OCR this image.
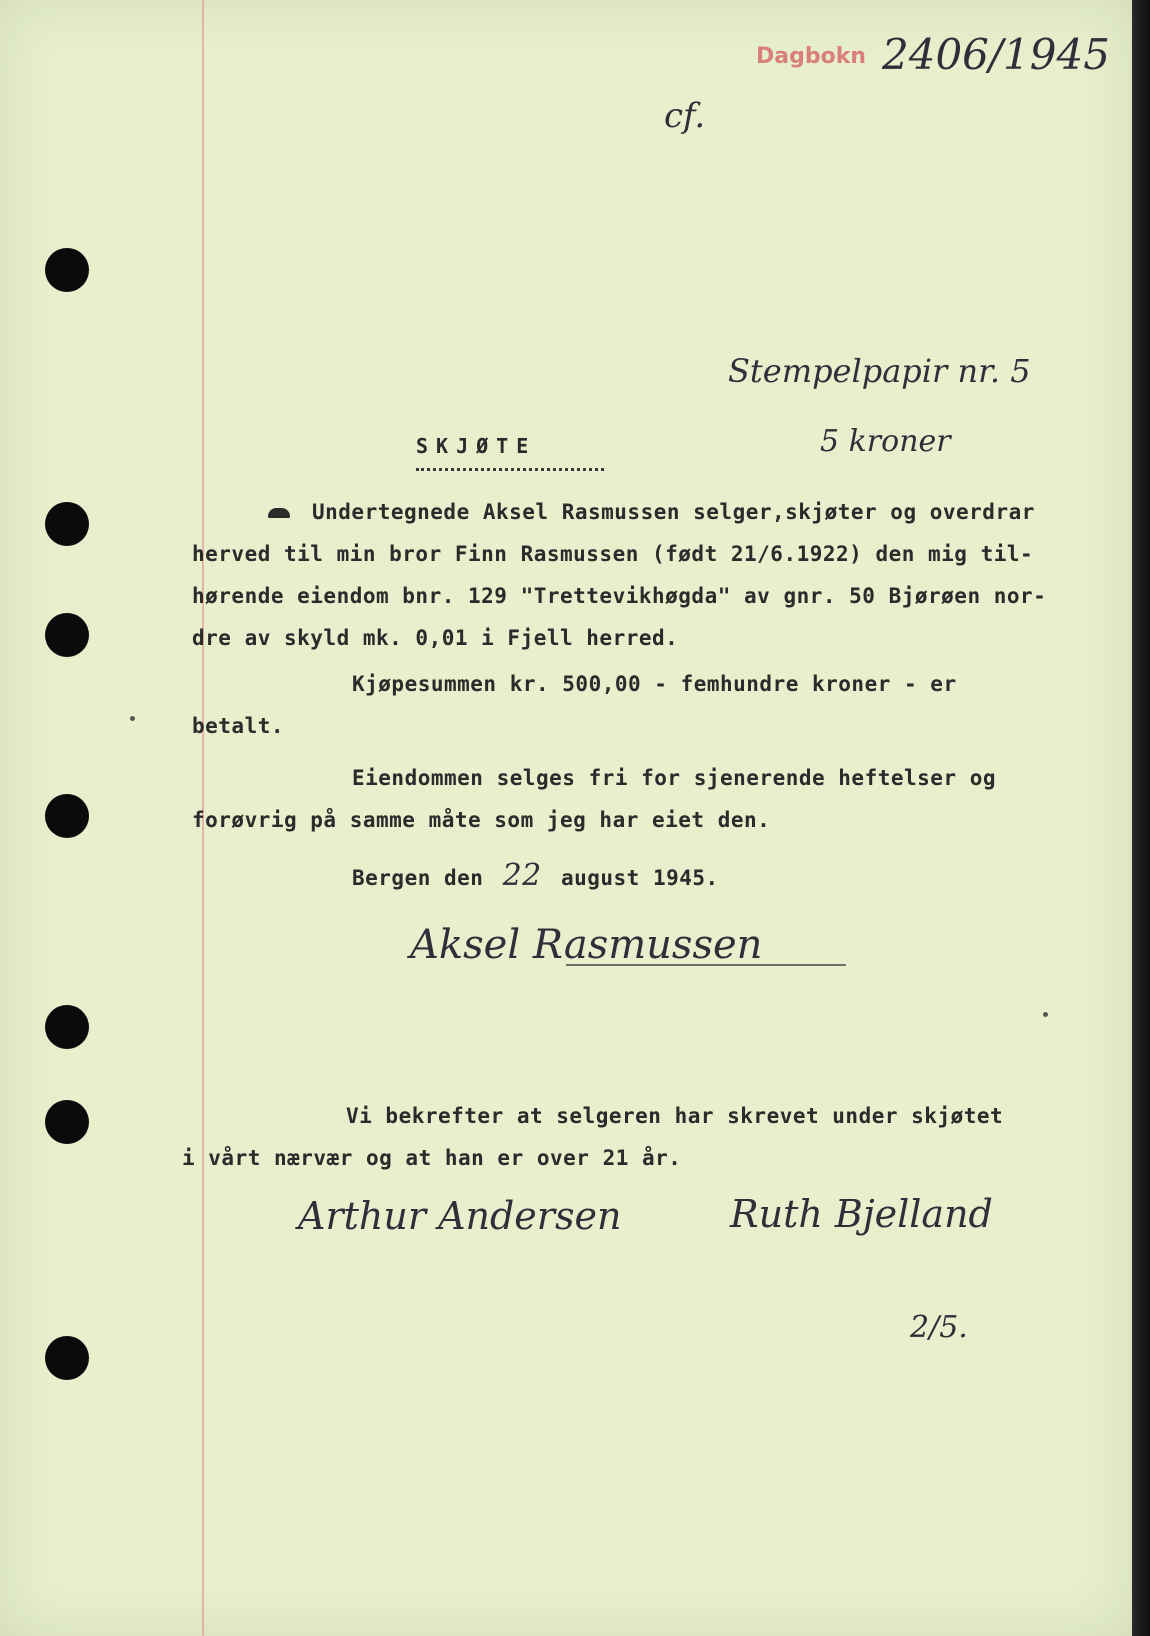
Dagbokn 2406/1945
cf.
Stempelpapir nr. 5
5 kroner
SKJØTE
Undertegnede Aksel Rasmussen selger,skjøter og overdrar
herved til min bror Finn Rasmussen (født 21/6.1922) den mig til-
hørende eiendom bnr. 129 "Trettevikhøgda" av gnr. 50 Bjørøen nor-
dre av skyld mk. 0,01 i Fjell herred.
Kjøpesummen kr. 500,00 - femhundre kroner - er
betalt.
Eiendommen selges fri for sjenerende heftelser og
forøvrig på samme måte som jeg har eiet den.
Bergen den 22 august 1945.
Aksel Rasmussen
Vi bekrefter at selgeren har skrevet under skjøtet
i vårt nærvær og at han er over 21 år.
Arthur Andersen	Ruth Bjelland
2/5.
